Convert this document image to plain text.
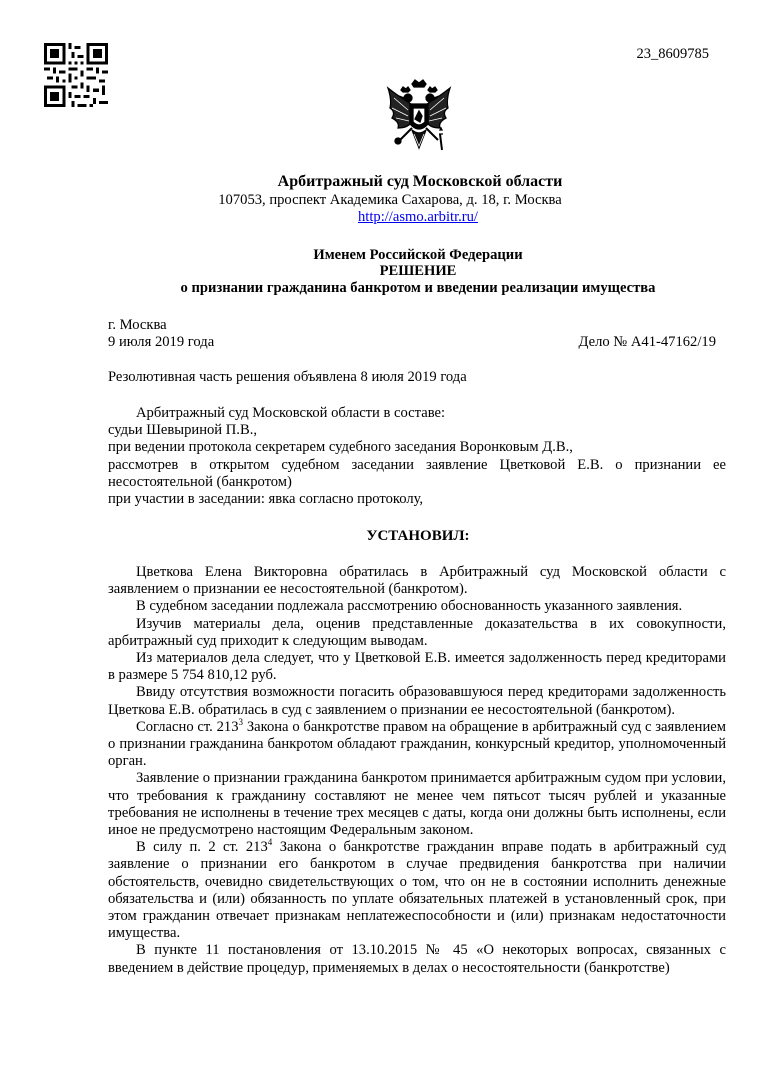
23_8609785
Арбитражный суд Московской области
107053, проспект Академика Сахарова, д. 18, г. Москва
http://asmo.arbitr.ru/
Именем Российской Федерации
РЕШЕНИЕ
о признании гражданина банкротом и введении реализации имущества
г. Москва
9 июля 2019 года	Дело № А41-47162/19
Резолютивная часть решения объявлена 8 июля 2019 года
Арбитражный суд Московской области в составе:
судьи Шевыриной П.В.,
при ведении протокола секретарем судебного заседания Воронковым Д.В.,
рассмотрев в открытом судебном заседании заявление Цветковой Е.В. о признании ее несостоятельной (банкротом)
при участии в заседании: явка согласно протоколу,
УСТАНОВИЛ:
Цветкова Елена Викторовна обратилась в Арбитражный суд Московской области с заявлением о признании ее несостоятельной (банкротом).
В судебном заседании подлежала рассмотрению обоснованность указанного заявления.
Изучив материалы дела, оценив представленные доказательства в их совокупности, арбитражный суд приходит к следующим выводам.
Из материалов дела следует, что у Цветковой Е.В. имеется задолженность перед кредиторами в размере 5 754 810,12 руб.
Ввиду отсутствия возможности погасить образовавшуюся перед кредиторами задолженность Цветкова Е.В. обратилась в суд с заявлением о признании ее несостоятельной (банкротом).
Согласно ст. $213^3$ Закона о банкротстве правом на обращение в арбитражный суд с заявлением о признании гражданина банкротом обладают гражданин, конкурсный кредитор, уполномоченный орган.
Заявление о признании гражданина банкротом принимается арбитражным судом при условии, что требования к гражданину составляют не менее чем пятьсот тысяч рублей и указанные требования не исполнены в течение трех месяцев с даты, когда они должны быть исполнены, если иное не предусмотрено настоящим Федеральным законом.
В силу п. 2 ст. $213^4$ Закона о банкротстве гражданин вправе подать в арбитражный суд заявление о признании его банкротом в случае предвидения банкротства при наличии обстоятельств, очевидно свидетельствующих о том, что он не в состоянии исполнить денежные обязательства и (или) обязанность по уплате обязательных платежей в установленный срок, при этом гражданин отвечает признакам неплатежеспособности и (или) признакам недостаточности имущества.
В пункте 11 постановления от 13.10.2015 № 45 «О некоторых вопросах, связанных с введением в действие процедур, применяемых в делах о несостоятельности (банкротстве)
